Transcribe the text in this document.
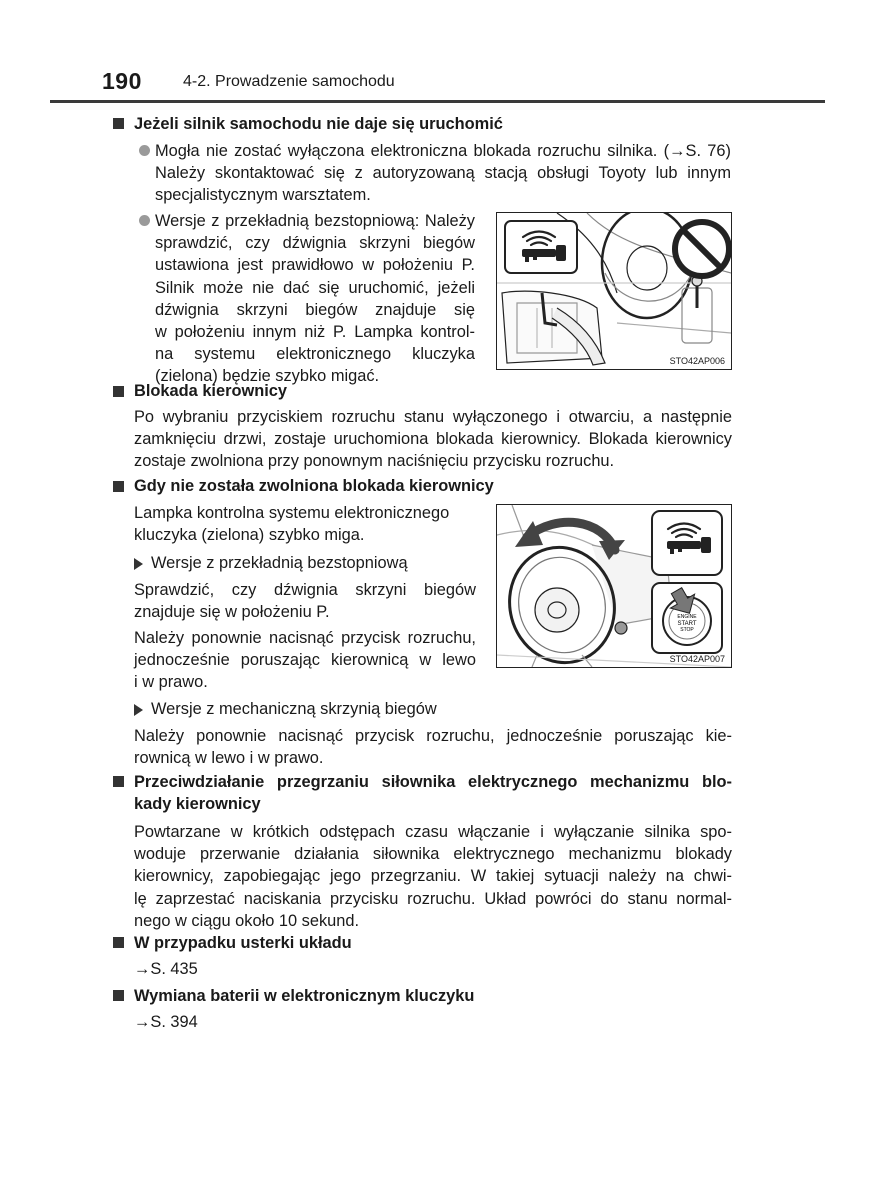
190	4-2. Prowadzenie samochodu
Jeżeli silnik samochodu nie daje się uruchomić
Mogła nie zostać wyłączona elektroniczna blokada rozruchu silnika. (→S. 76)
Należy skontaktować się z autoryzowaną stacją obsługi Toyoty lub innym
specjalistycznym warsztatem.
Wersje z przekładnią bezstopniową: Należy
sprawdzić, czy dźwignia skrzyni biegów
ustawiona jest prawidłowo w położeniu P.
Silnik może nie dać się uruchomić, jeżeli
dźwignia skrzyni biegów znajduje się
w położeniu innym niż P. Lampka kontrol-
na systemu elektronicznego kluczyka
(zielona) będzie szybko migać.
STO42AP006
Blokada kierownicy
Po wybraniu przyciskiem rozruchu stanu wyłączonego i otwarciu, a następnie
zamknięciu drzwi, zostaje uruchomiona blokada kierownicy. Blokada kierownicy
zostaje zwolniona przy ponownym naciśnięciu przycisku rozruchu.
Gdy nie została zwolniona blokada kierownicy
Lampka kontrolna systemu elektronicznego
kluczyka (zielona) szybko miga.
Wersje z przekładnią bezstopniową
Sprawdzić, czy dźwignia skrzyni biegów
znajduje się w położeniu P.
Należy ponownie nacisnąć przycisk rozruchu,
jednocześnie poruszając kierownicą w lewo
i w prawo.
ENGINE
START
STOP
STO42AP007
Wersje z mechaniczną skrzynią biegów
Należy ponownie nacisnąć przycisk rozruchu, jednocześnie poruszając kie-
rownicą w lewo i w prawo.
Przeciwdziałanie przegrzaniu siłownika elektrycznego mechanizmu blo-
kady kierownicy
Powtarzane w krótkich odstępach czasu włączanie i wyłączanie silnika spo-
woduje przerwanie działania siłownika elektrycznego mechanizmu blokady
kierownicy, zapobiegając jego przegrzaniu. W takiej sytuacji należy na chwi-
lę zaprzestać naciskania przycisku rozruchu. Układ powróci do stanu normal-
nego w ciągu około 10 sekund.
W przypadku usterki układu
→S. 435
Wymiana baterii w elektronicznym kluczyku
→S. 394
